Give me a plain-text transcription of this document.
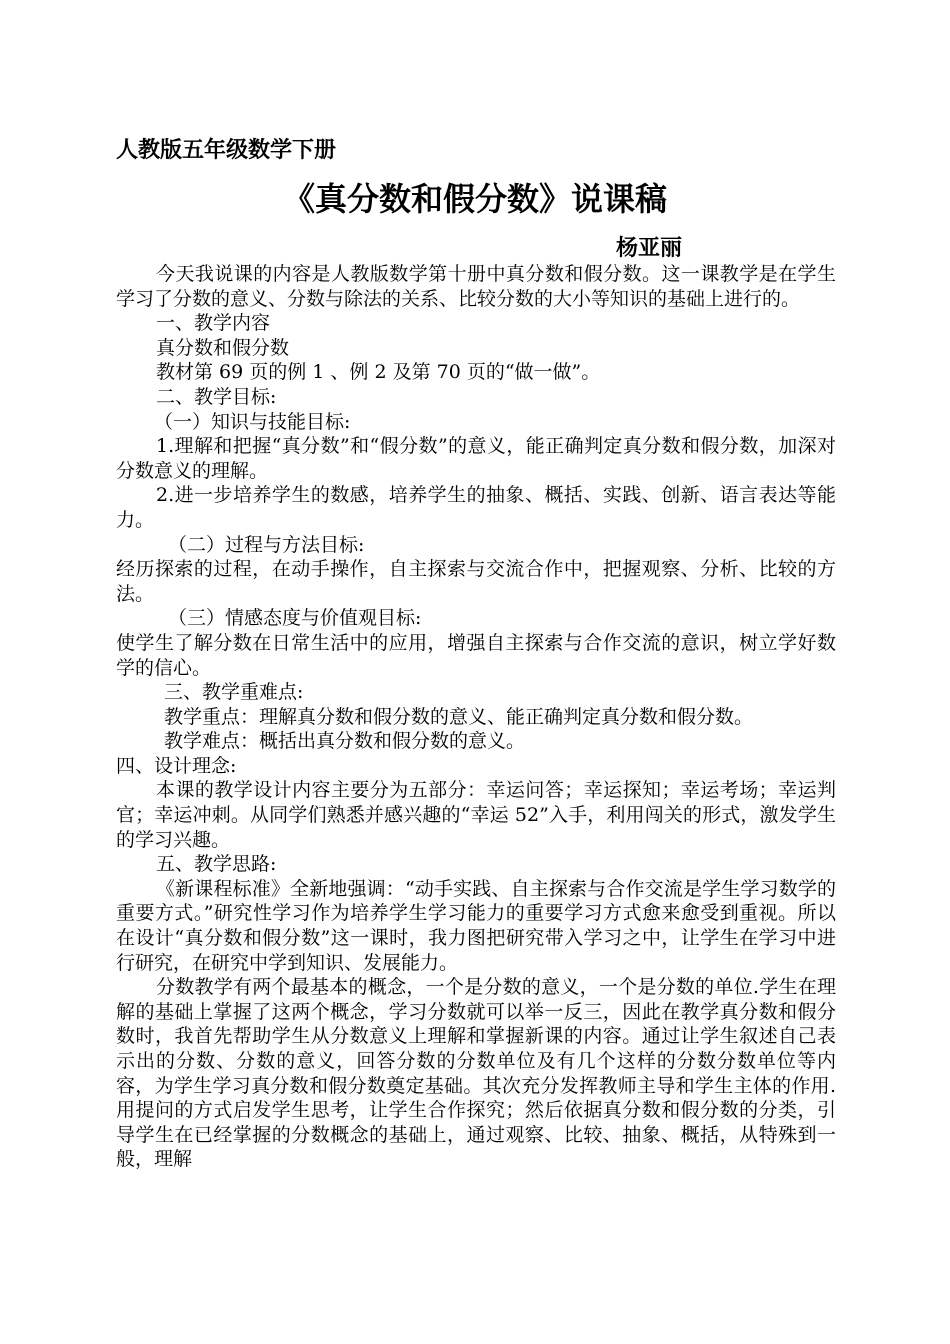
人教版五年级数学下册
《真分数和假分数》说课稿
杨亚丽

今天我说课的内容是人教版数学第十册中真分数和假分数。这一课教学是在学生学习了分数的意义、分数与除法的关系、比较分数的大小等知识的基础上进行的。

一、教学内容

真分数和假分数

教材第 69 页的例 1 、例 2 及第 70 页的“做一做”。

二、教学目标:

（一）知识与技能目标:

1.理解和把握“真分数”和“假分数”的意义，能正确判定真分数和假分数，加深对分数意义的理解。

2.进一步培养学生的数感，培养学生的抽象、概括、实践、创新、语言表达等能力。

（二）过程与方法目标:

经历探索的过程，在动手操作，自主探索与交流合作中，把握观察、分析、比较的方法。

（三）情感态度与价值观目标:

使学生了解分数在日常生活中的应用，增强自主探索与合作交流的意识，树立学好数学的信心。

三、教学重难点:

教学重点：理解真分数和假分数的意义、能正确判定真分数和假分数。

教学难点：概括出真分数和假分数的意义。

四、设计理念:

本课的教学设计内容主要分为五部分：幸运问答；幸运探知；幸运考场；幸运判官；幸运冲刺。从同学们熟悉并感兴趣的“幸运 52”入手，利用闯关的形式，激发学生的学习兴趣。

五、教学思路:

《新课程标准》全新地强调：“动手实践、自主探索与合作交流是学生学习数学的重要方式。”研究性学习作为培养学生学习能力的重要学习方式愈来愈受到重视。所以在设计“真分数和假分数”这一课时，我力图把研究带入学习之中，让学生在学习中进行研究，在研究中学到知识、发展能力。

分数教学有两个最基本的概念，一个是分数的意义，一个是分数的单位.学生在理解的基础上掌握了这两个概念，学习分数就可以举一反三，因此在教学真分数和假分数时，我首先帮助学生从分数意义上理解和掌握新课的内容。通过让学生叙述自己表示出的分数、分数的意义，回答分数的分数单位及有几个这样的分数分数单位等内容，为学生学习真分数和假分数奠定基础。其次充分发挥教师主导和学生主体的作用.用提问的方式启发学生思考，让学生合作探究；然后依据真分数和假分数的分类，引导学生在已经掌握的分数概念的基础上，通过观察、比较、抽象、概括，从特殊到一般，理解
